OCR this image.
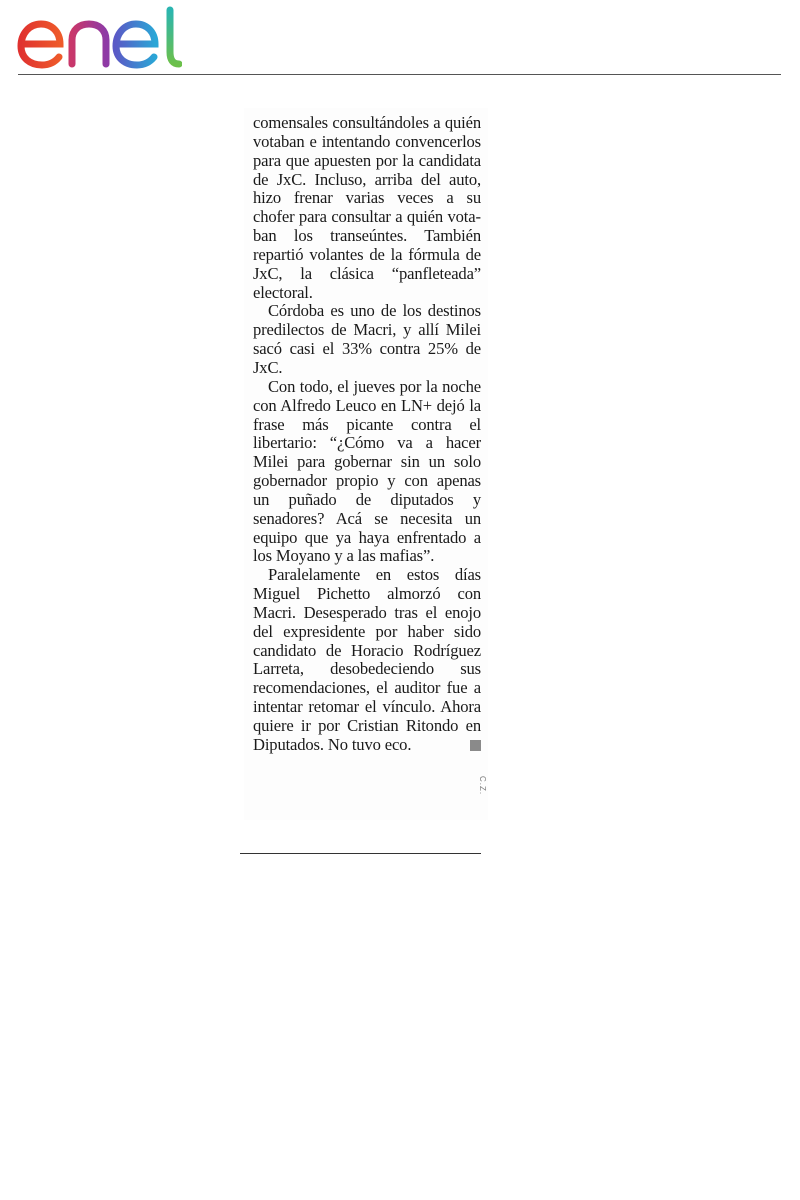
comensales consultándoles a quién votaban e intentando convencerlos para que apuesten por la candidata de JxC. Incluso, arriba del auto, hizo frenar varias veces a su chofer para consultar a quién votaban los transeúntes. También repartió volantes de la fórmula de JxC, la clásica “panfleteada” electoral.

Córdoba es uno de los destinos predilectos de Macri, y allí Milei sacó casi el 33% contra 25% de JxC.

Con todo, el jueves por la noche con Alfredo Leuco en LN+ dejó la frase más picante contra el libertario: “¿Cómo va a hacer Milei para gobernar sin un solo gobernador propio y con apenas un puñado de diputados y senadores? Acá se necesita un equipo que ya haya enfrentado a los Moyano y a las mafias”.

Paralelamente en estos días Miguel Pichetto almorzó con Macri. Desesperado tras el enojo del expresidente por haber sido candidato de Horacio Rodríguez Larreta, desobedeciendo sus recomendaciones, el auditor fue a intentar retomar el vínculo. Ahora quiere ir por Cristian Ritondo en Diputados. No tuvo eco.

C.Z.
